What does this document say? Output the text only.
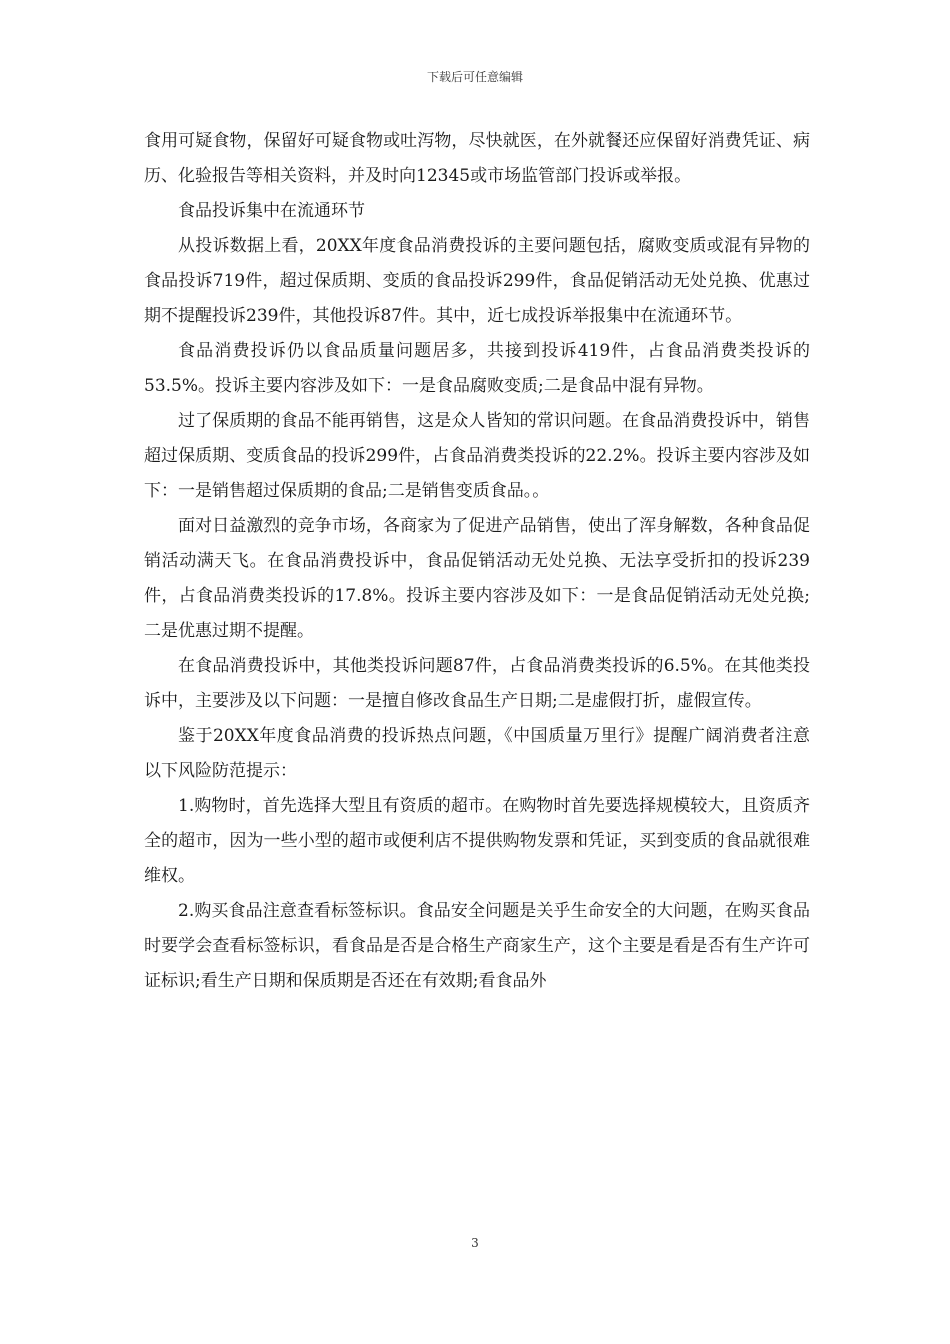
下载后可任意编辑

食用可疑食物，保留好可疑食物或吐泻物，尽快就医，在外就餐还应保留好消费凭证、病历、化验报告等相关资料，并及时向12345或市场监管部门投诉或举报。

食品投诉集中在流通环节

从投诉数据上看，20XX年度食品消费投诉的主要问题包括，腐败变质或混有异物的食品投诉719件，超过保质期、变质的食品投诉299件，食品促销活动无处兑换、优惠过期不提醒投诉239件，其他投诉87件。其中，近七成投诉举报集中在流通环节。

食品消费投诉仍以食品质量问题居多，共接到投诉419件，占食品消费类投诉的53.5%。投诉主要内容涉及如下：一是食品腐败变质;二是食品中混有异物。

过了保质期的食品不能再销售，这是众人皆知的常识问题。在食品消费投诉中，销售超过保质期、变质食品的投诉299件，占食品消费类投诉的22.2%。投诉主要内容涉及如下：一是销售超过保质期的食品;二是销售变质食品。。

面对日益激烈的竞争市场，各商家为了促进产品销售，使出了浑身解数，各种食品促销活动满天飞。在食品消费投诉中，食品促销活动无处兑换、无法享受折扣的投诉239件，占食品消费类投诉的17.8%。投诉主要内容涉及如下：一是食品促销活动无处兑换;二是优惠过期不提醒。

在食品消费投诉中，其他类投诉问题87件，占食品消费类投诉的6.5%。在其他类投诉中，主要涉及以下问题：一是擅自修改食品生产日期;二是虚假打折，虚假宣传。

鉴于20XX年度食品消费的投诉热点问题，《中国质量万里行》提醒广阔消费者注意以下风险防范提示：

1.购物时，首先选择大型且有资质的超市。在购物时首先要选择规模较大，且资质齐全的超市，因为一些小型的超市或便利店不提供购物发票和凭证，买到变质的食品就很难维权。

2.购买食品注意查看标签标识。食品安全问题是关乎生命安全的大问题，在购买食品时要学会查看标签标识，看食品是否是合格生产商家生产，这个主要是看是否有生产许可证标识;看生产日期和保质期是否还在有效期;看食品外

3
